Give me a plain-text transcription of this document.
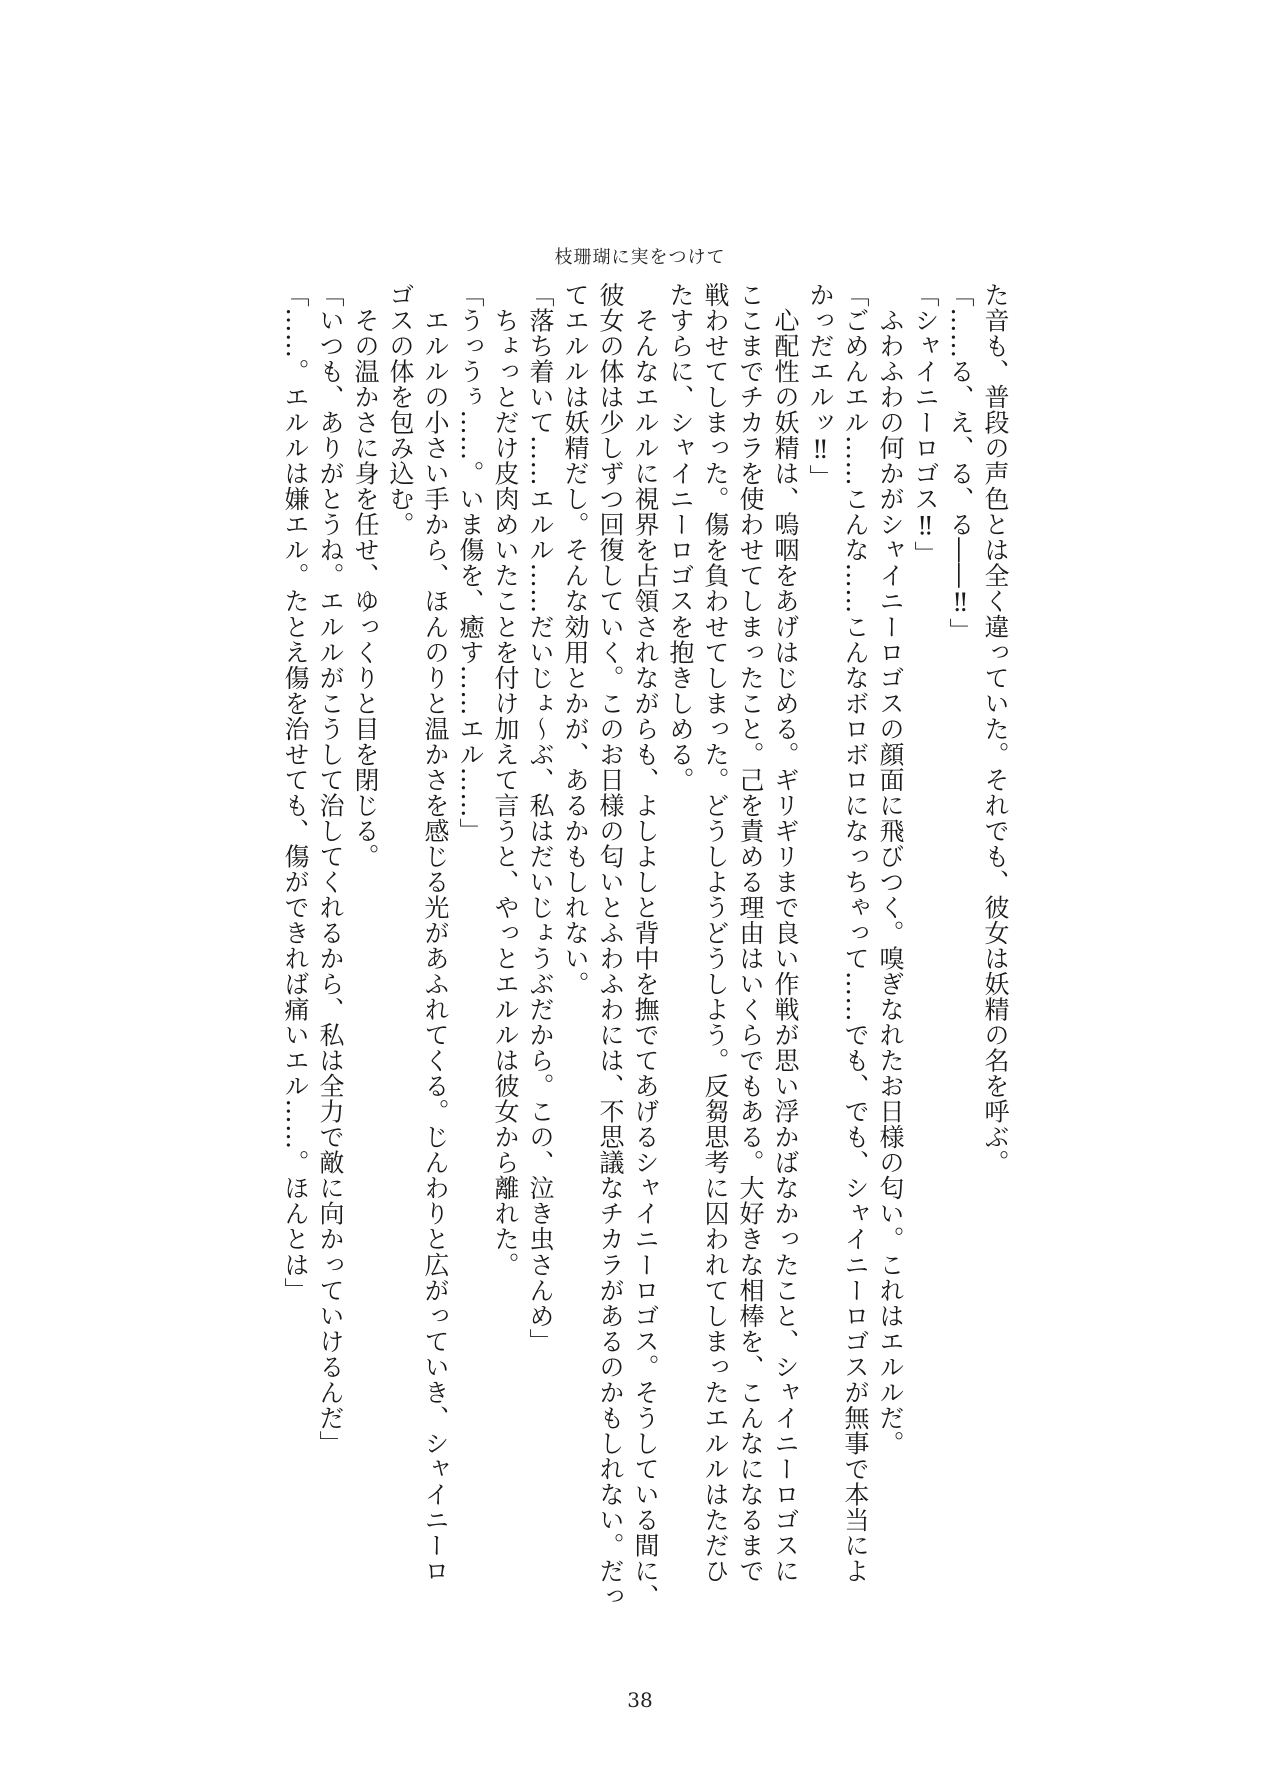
枝珊瑚に実をつけて
た音も、普段の声色とは全く違っていた。それでも、彼女は妖精の名を呼ぶ。
「……る、え、る、る――‼」
「シャイニーロゴス‼」
　ふわふわの何かがシャイニーロゴスの顔面に飛びつく。嗅ぎなれたお日様の匂い。これはエルルだ。
「ごめんエル……こんな……こんなボロボロになっちゃって……でも、でも、シャイニーロゴスが無事で本当によ
かっだエルッ‼」
　心配性の妖精は、嗚咽をあげはじめる。ギリギリまで良い作戦が思い浮かばなかったこと、シャイニーロゴスに
ここまでチカラを使わせてしまったこと。己を責める理由はいくらでもある。大好きな相棒を、こんなになるまで
戦わせてしまった。傷を負わせてしまった。どうしようどうしよう。反芻思考に囚われてしまったエルルはただひ
たすらに、シャイニーロゴスを抱きしめる。
　そんなエルルに視界を占領されながらも、よしよしと背中を撫でてあげるシャイニーロゴス。そうしている間に、
彼女の体は少しずつ回復していく。このお日様の匂いとふわふわには、不思議なチカラがあるのかもしれない。だっ
てエルルは妖精だし。そんな効用とかが、あるかもしれない。
「落ち着いて……エルル……だいじょ〜ぶ、私はだいじょうぶだから。この、泣き虫さんめ」
　ちょっとだけ皮肉めいたことを付け加えて言うと、やっとエルルは彼女から離れた。
「うっうぅ……。いま傷を、癒す……エル……」
　エルルの小さい手から、ほんのりと温かさを感じる光があふれてくる。じんわりと広がっていき、シャイニーロ
ゴスの体を包み込む。
　その温かさに身を任せ、ゆっくりと目を閉じる。
「いつも、ありがとうね。エルルがこうして治してくれるから、私は全力で敵に向かっていけるんだ」
「……。エルルは嫌エル。たとえ傷を治せても、傷ができれば痛いエル……。ほんとは」
38
